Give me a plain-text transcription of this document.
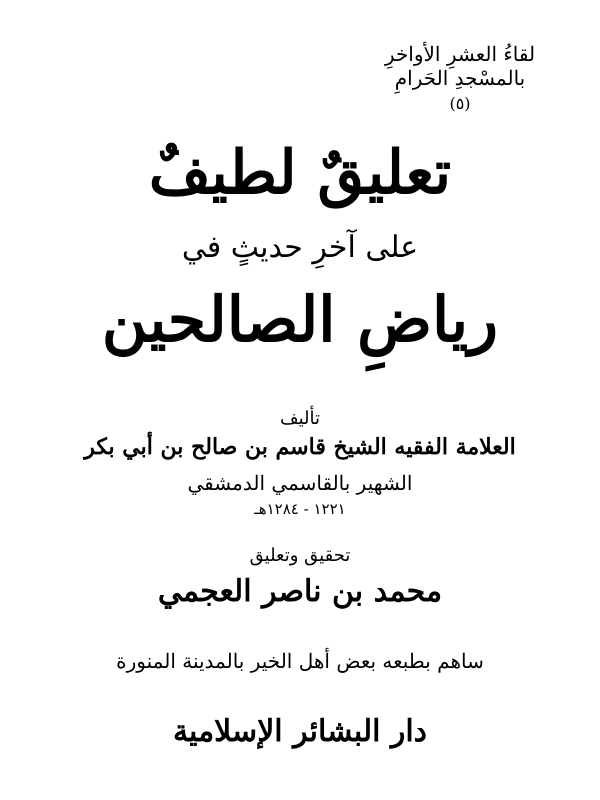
لقاءُ العشرِ الأواخرِ
بالمسْجدِ الحَرامِ
(٥)
تعليقٌ لطيفٌ
على آخرِ حديثٍ في
رياضِ الصالحين
تأليف
العلامة الفقيه الشيخ قاسم بن صالح بن أبي بكر
الشهير بالقاسمي الدمشقي
١٢٢١ - ١٢٨٤هـ
تحقيق وتعليق
محمد بن ناصر العجمي
ساهم بطبعه بعض أهل الخير بالمدينة المنورة
دار البشائر الإسلامية
